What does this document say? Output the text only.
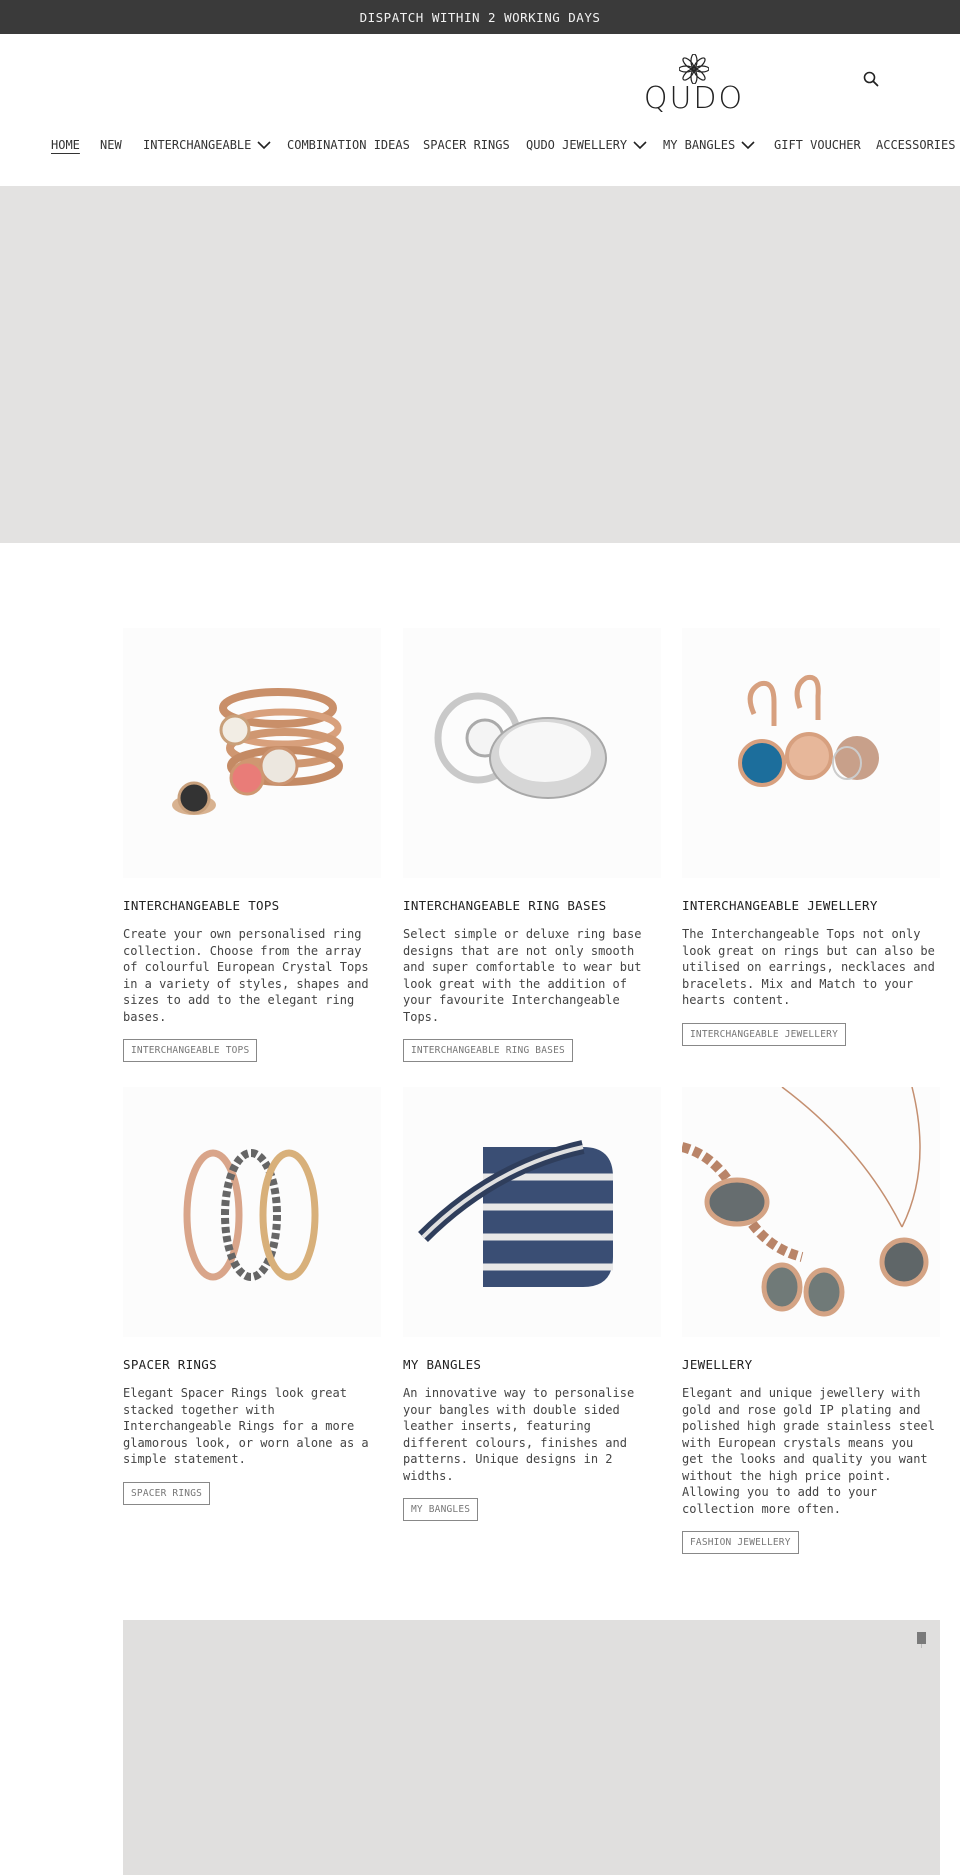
DISPATCH WITHIN 2 WORKING DAYS
QUDO
HOME NEW INTERCHANGEABLE	COMBINATION IDEAS SPACER RINGS QUDO JEWELLERY	MY BANGLES	GIFT VOUCHER ACCESSORIES
INTERCHANGEABLE TOPS

Create your own personalised ring collection. Choose from the array of colourful European Crystal Tops in a variety of styles, shapes and sizes to add to the elegant ring bases.

INTERCHANGEABLE TOPS
INTERCHANGEABLE RING BASES

Select simple or deluxe ring base designs that are not only smooth and super comfortable to wear but look great with the addition of your favourite Interchangeable Tops.

INTERCHANGEABLE RING BASES
INTERCHANGEABLE JEWELLERY

The Interchangeable Tops not only look great on rings but can also be utilised on earrings, necklaces and bracelets. Mix and Match to your hearts content.

INTERCHANGEABLE JEWELLERY
SPACER RINGS

Elegant Spacer Rings look great stacked together with Interchangeable Rings for a more glamorous look, or worn alone as a simple statement.

SPACER RINGS
MY BANGLES

An innovative way to personalise your bangles with double sided leather inserts, featuring different colours, finishes and patterns. Unique designs in 2 widths.

MY BANGLES
JEWELLERY

Elegant and unique jewellery with gold and rose gold IP plating and polished high grade stainless steel with European crystals means you get the looks and quality you want without the high price point. Allowing you to add to your collection more often.

FASHION JEWELLERY
